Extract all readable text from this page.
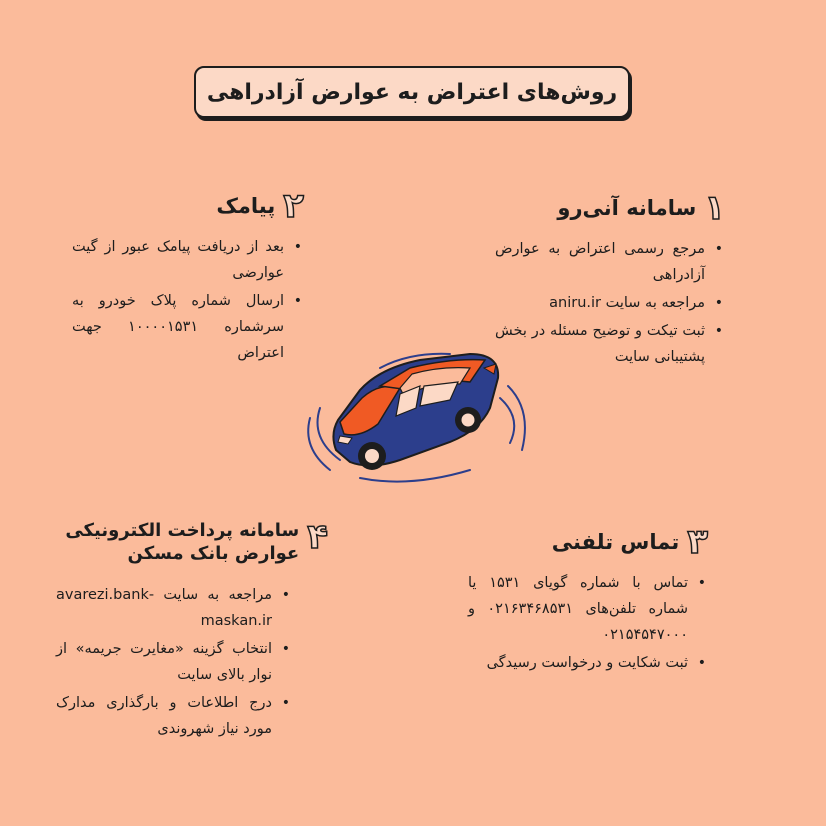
روش‌های اعتراض به عوارض آزادراهی
۱
سامانه آنی‌رو
• مرجع رسمی اعتراض به عوارض آزادراهی
• مراجعه به سایت aniru.ir
• ثبت تیکت و توضیح مسئله در بخش پشتیبانی سایت
۲
پیامک
• بعد از دریافت پیامک عبور از گیت عوارضی
• ارسال شماره پلاک خودرو به سرشماره ۱۰۰۰۰۱۵۳۱ جهت اعتراض
۳
تماس تلفنی
• تماس با شماره گویای ۱۵۳۱ یا شماره تلفن‌های ۰۲۱۶۳۴۶۸۵۳۱ و ۰۲۱۵۴۵۴۷۰۰۰
• ثبت شکایت و درخواست رسیدگی
۴
سامانه پرداخت الکترونیکی عوارض بانک مسکن
• مراجعه به سایت avarezi.bank-maskan.ir
• انتخاب گزینه «مغایرت جریمه» از نوار بالای سایت
• درج اطلاعات و بارگذاری مدارک مورد نیاز شهروندی
